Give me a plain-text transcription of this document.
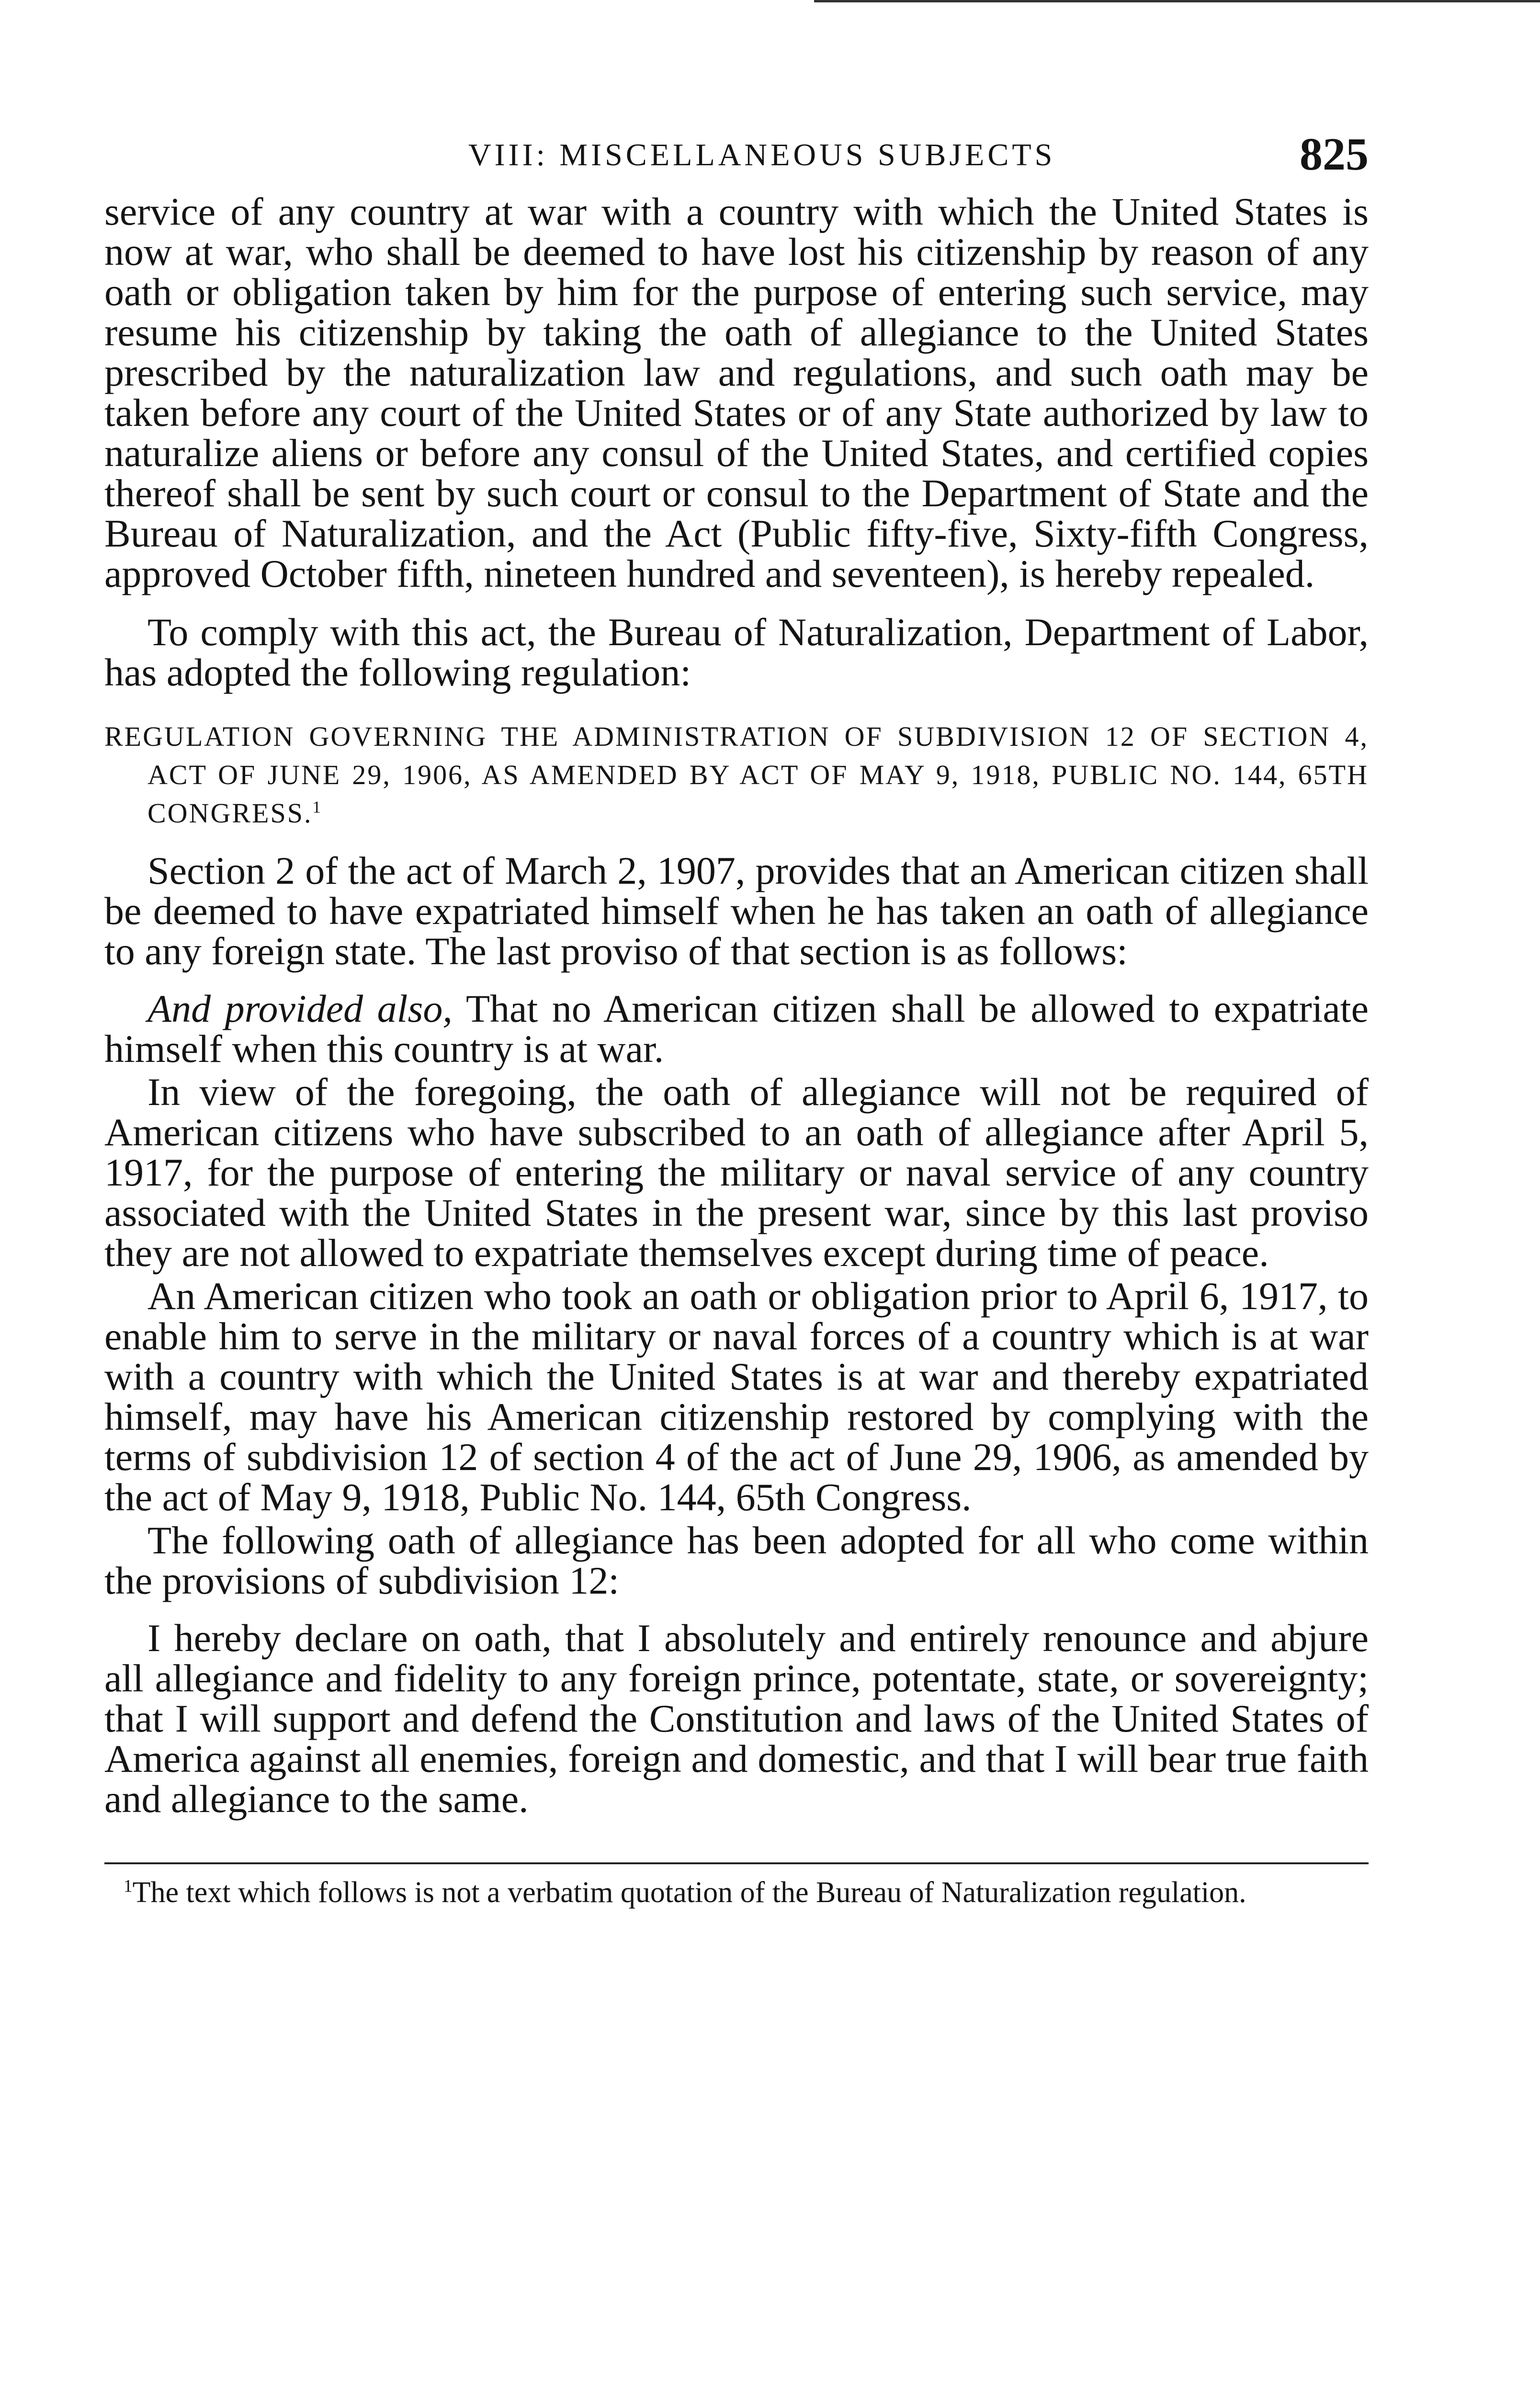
VIII: MISCELLANEOUS SUBJECTS	825

service of any country at war with a country with which the United States is now at war, who shall be deemed to have lost his citizenship by reason of any oath or obligation taken by him for the purpose of entering such service, may resume his citizenship by taking the oath of allegiance to the United States prescribed by the naturalization law and regulations, and such oath may be taken before any court of the United States or of any State authorized by law to naturalize aliens or before any consul of the United States, and certified copies thereof shall be sent by such court or consul to the Department of State and the Bureau of Naturalization, and the Act (Public fifty-five, Sixty-fifth Congress, approved October fifth, nineteen hundred and seventeen), is hereby repealed.

To comply with this act, the Bureau of Naturalization, Department of Labor, has adopted the following regulation:

REGULATION GOVERNING THE ADMINISTRATION OF SUBDIVISION 12 OF SECTION 4, ACT OF JUNE 29, 1906, AS AMENDED BY ACT OF MAY 9, 1918, PUBLIC NO. 144, 65TH CONGRESS.$^1$

Section 2 of the act of March 2, 1907, provides that an American citizen shall be deemed to have expatriated himself when he has taken an oath of allegiance to any foreign state. The last proviso of that section is as follows:

And provided also, That no American citizen shall be allowed to expatriate himself when this country is at war.

In view of the foregoing, the oath of allegiance will not be required of American citizens who have subscribed to an oath of allegiance after April 5, 1917, for the purpose of entering the military or naval service of any country associated with the United States in the present war, since by this last proviso they are not allowed to expatriate themselves except during time of peace.

An American citizen who took an oath or obligation prior to April 6, 1917, to enable him to serve in the military or naval forces of a country which is at war with a country with which the United States is at war and thereby expatriated himself, may have his American citizenship restored by complying with the terms of subdivision 12 of section 4 of the act of June 29, 1906, as amended by the act of May 9, 1918, Public No. 144, 65th Congress.

The following oath of allegiance has been adopted for all who come within the provisions of subdivision 12:

I hereby declare on oath, that I absolutely and entirely renounce and abjure all allegiance and fidelity to any foreign prince, potentate, state, or sovereignty; that I will support and defend the Constitution and laws of the United States of America against all enemies, foreign and domestic, and that I will bear true faith and allegiance to the same.

$^1$The text which follows is not a verbatim quotation of the Bureau of Naturalization regulation.
